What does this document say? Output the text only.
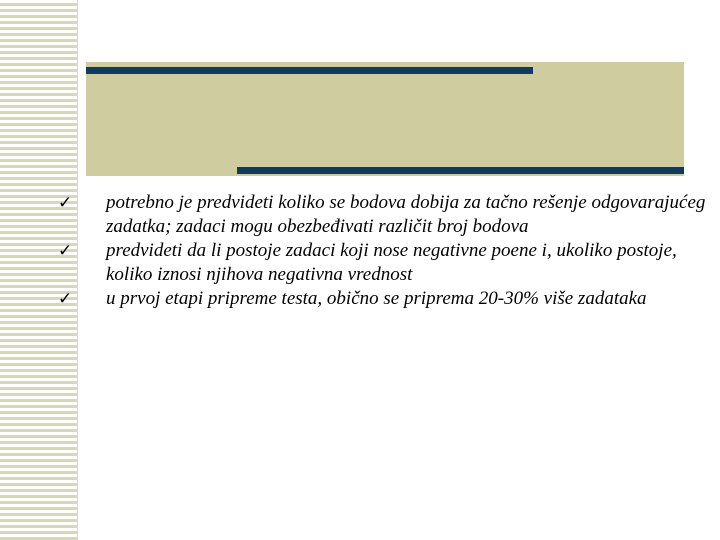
✓	potrebno je predvideti koliko se bodova dobija za tačno rešenje odgovarajućeg zadatka; zadaci mogu obezbeđivati različit broj bodova
✓	predvideti da li postoje zadaci koji nose negativne poene i, ukoliko postoje, koliko iznosi njihova negativna vrednost
✓	u prvoj etapi pripreme testa, obično se priprema 20-30% više zadataka
